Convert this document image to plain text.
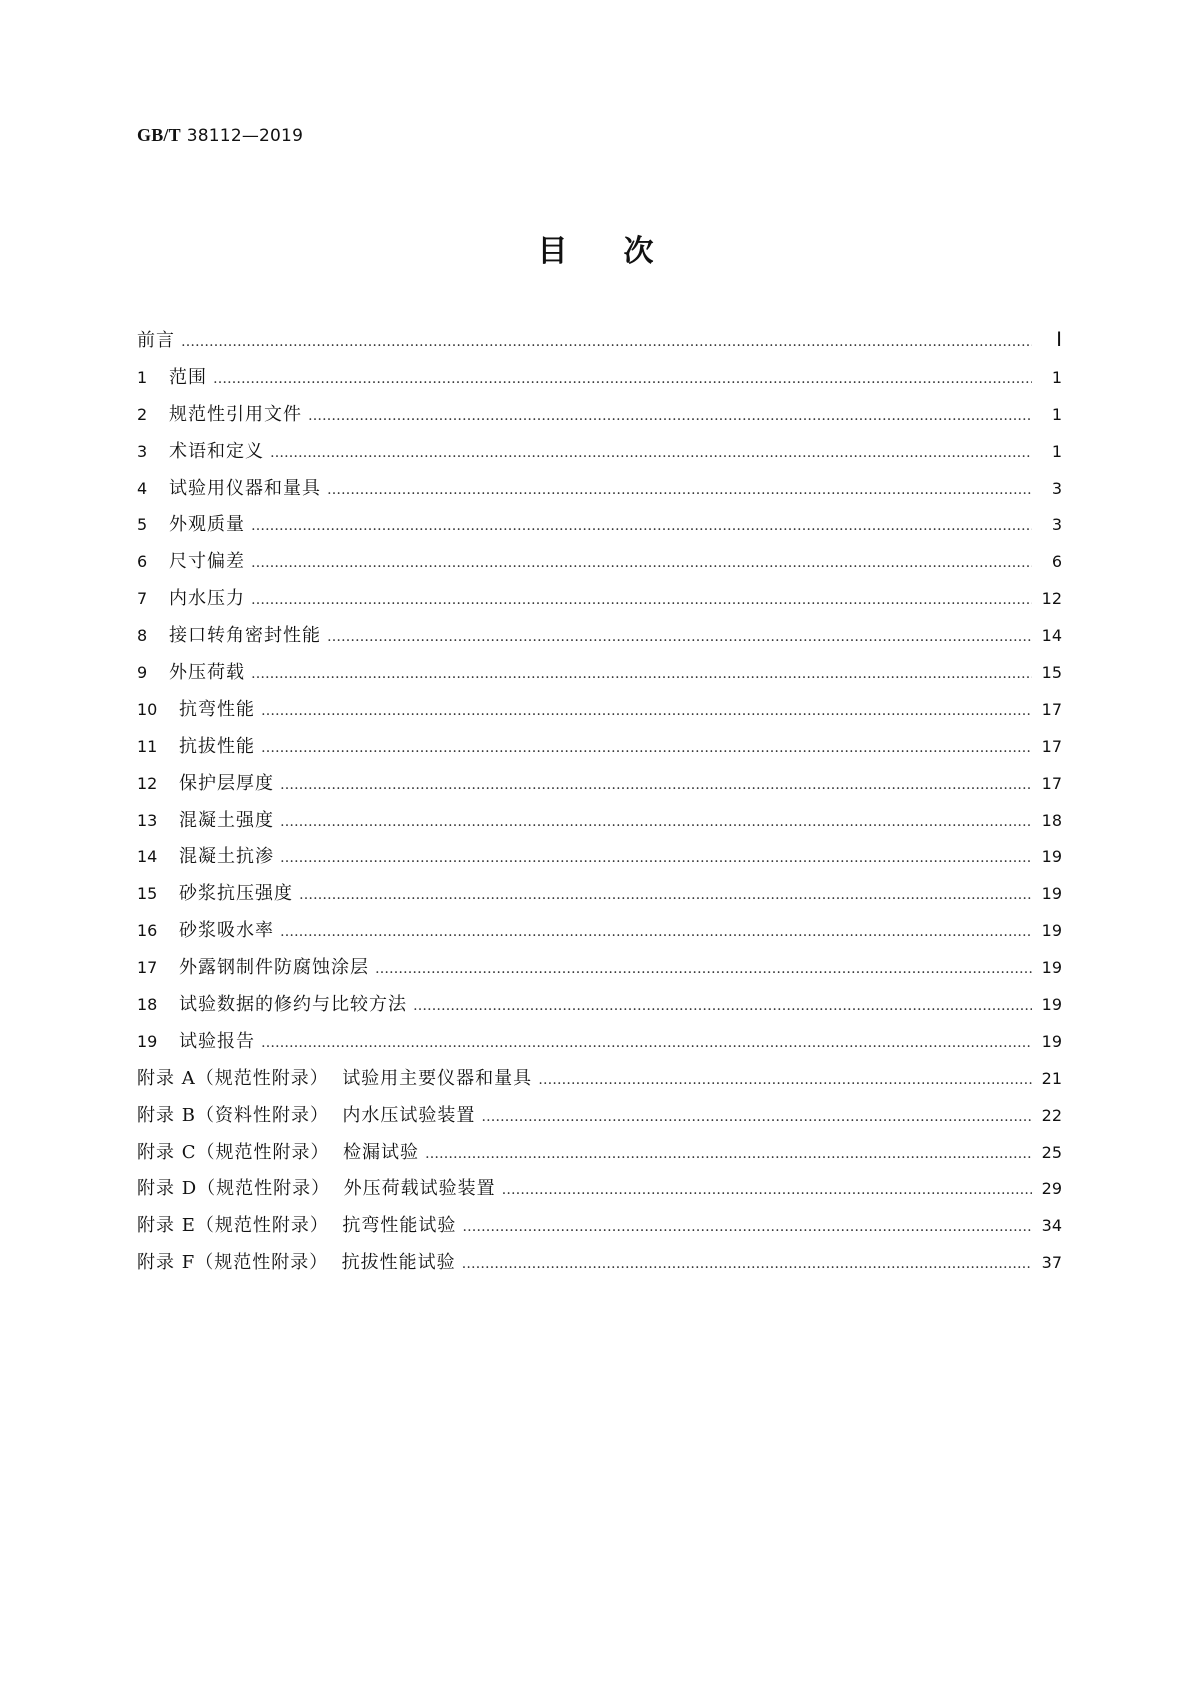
GB/T 38112—2019
目次
前言 ……………………………………………………………………………………………………………………………………………………………………………………………………………………………………	Ⅰ
1 范围 ……………………………………………………………………………………………………………………………………………………………………………………………………………………………………	1
2 规范性引用文件 ……………………………………………………………………………………………………………………………………………………………………………………………………………………………………	1
3 术语和定义 ……………………………………………………………………………………………………………………………………………………………………………………………………………………………………	1
4 试验用仪器和量具 ……………………………………………………………………………………………………………………………………………………………………………………………………………………………………	3
5 外观质量 ……………………………………………………………………………………………………………………………………………………………………………………………………………………………………	3
6 尺寸偏差 ……………………………………………………………………………………………………………………………………………………………………………………………………………………………………	6
7 内水压力 ……………………………………………………………………………………………………………………………………………………………………………………………………………………………………	12
8 接口转角密封性能 ……………………………………………………………………………………………………………………………………………………………………………………………………………………………………	14
9 外压荷载 ……………………………………………………………………………………………………………………………………………………………………………………………………………………………………	15
10 抗弯性能 ……………………………………………………………………………………………………………………………………………………………………………………………………………………………………	17
11 抗拔性能 ……………………………………………………………………………………………………………………………………………………………………………………………………………………………………	17
12 保护层厚度 ……………………………………………………………………………………………………………………………………………………………………………………………………………………………………	17
13 混凝土强度 ……………………………………………………………………………………………………………………………………………………………………………………………………………………………………	18
14 混凝土抗渗 ……………………………………………………………………………………………………………………………………………………………………………………………………………………………………	19
15 砂浆抗压强度 ……………………………………………………………………………………………………………………………………………………………………………………………………………………………………	19
16 砂浆吸水率 ……………………………………………………………………………………………………………………………………………………………………………………………………………………………………	19
17 外露钢制件防腐蚀涂层 ……………………………………………………………………………………………………………………………………………………………………………………………………………………………………	19
18 试验数据的修约与比较方法 ……………………………………………………………………………………………………………………………………………………………………………………………………………………………………	19
19 试验报告 ……………………………………………………………………………………………………………………………………………………………………………………………………………………………………	19
附录 A（规范性附录） 试验用主要仪器和量具 ……………………………………………………………………………………………………………………………………………………………………………………………………………………………………	21
附录 B（资料性附录） 内水压试验装置 ……………………………………………………………………………………………………………………………………………………………………………………………………………………………………	22
附录 C（规范性附录） 检漏试验 ……………………………………………………………………………………………………………………………………………………………………………………………………………………………………	25
附录 D（规范性附录） 外压荷载试验装置 ……………………………………………………………………………………………………………………………………………………………………………………………………………………………………	29
附录 E（规范性附录） 抗弯性能试验 ……………………………………………………………………………………………………………………………………………………………………………………………………………………………………	34
附录 F（规范性附录） 抗拔性能试验 ……………………………………………………………………………………………………………………………………………………………………………………………………………………………………	37
